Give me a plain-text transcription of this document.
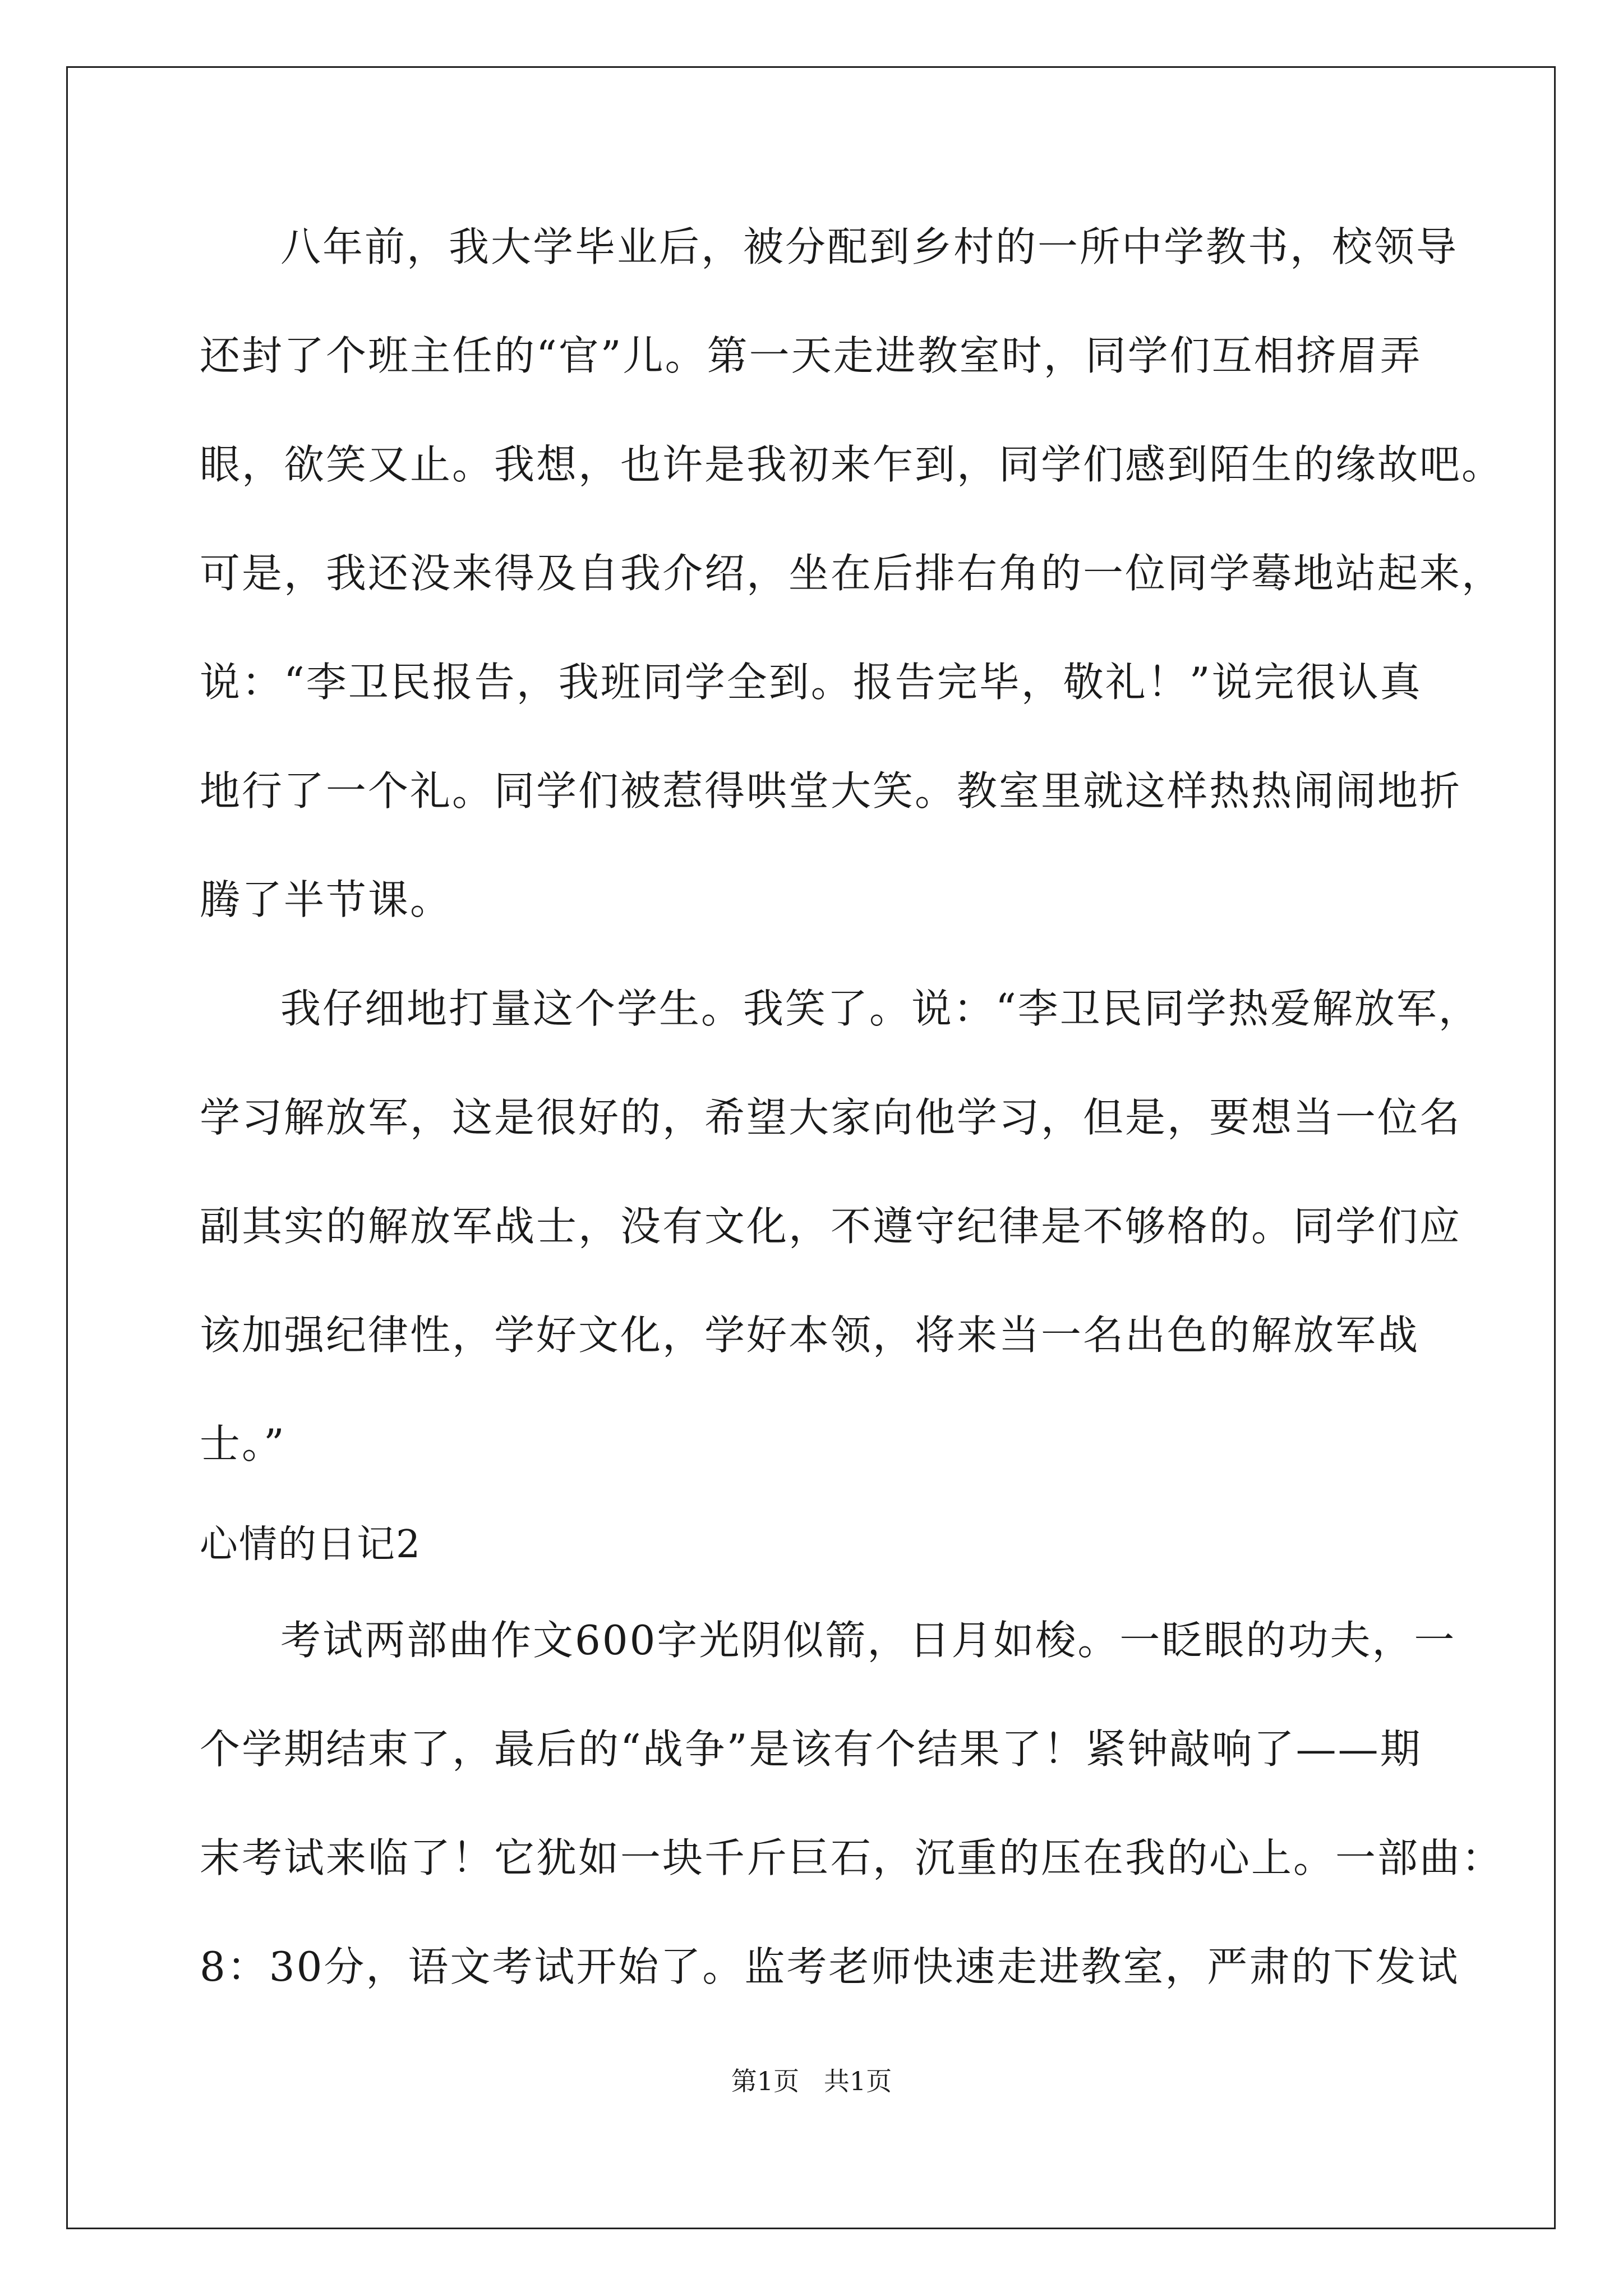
八年前，我大学毕业后，被分配到乡村的一所中学教书，校领导
还封了个班主任的“官”儿。第一天走进教室时，同学们互相挤眉弄
眼，欲笑又止。我想，也许是我初来乍到，同学们感到陌生的缘故吧。
可是，我还没来得及自我介绍，坐在后排右角的一位同学蓦地站起来，
说：“李卫民报告，我班同学全到。报告完毕，敬礼！”说完很认真
地行了一个礼。同学们被惹得哄堂大笑。教室里就这样热热闹闹地折
腾了半节课。
我仔细地打量这个学生。我笑了。说：“李卫民同学热爱解放军，
学习解放军，这是很好的，希望大家向他学习，但是，要想当一位名
副其实的解放军战士，没有文化，不遵守纪律是不够格的。同学们应
该加强纪律性，学好文化，学好本领，将来当一名出色的解放军战
士。”
心情的日记2
考试两部曲作文600字光阴似箭，日月如梭。一眨眼的功夫，一
个学期结束了，最后的“战争”是该有个结果了！紧钟敲响了——期
末考试来临了！它犹如一块千斤巨石，沉重的压在我的心上。一部曲：
8：30分，语文考试开始了。监考老师快速走进教室，严肃的下发试
第1页   共1页
